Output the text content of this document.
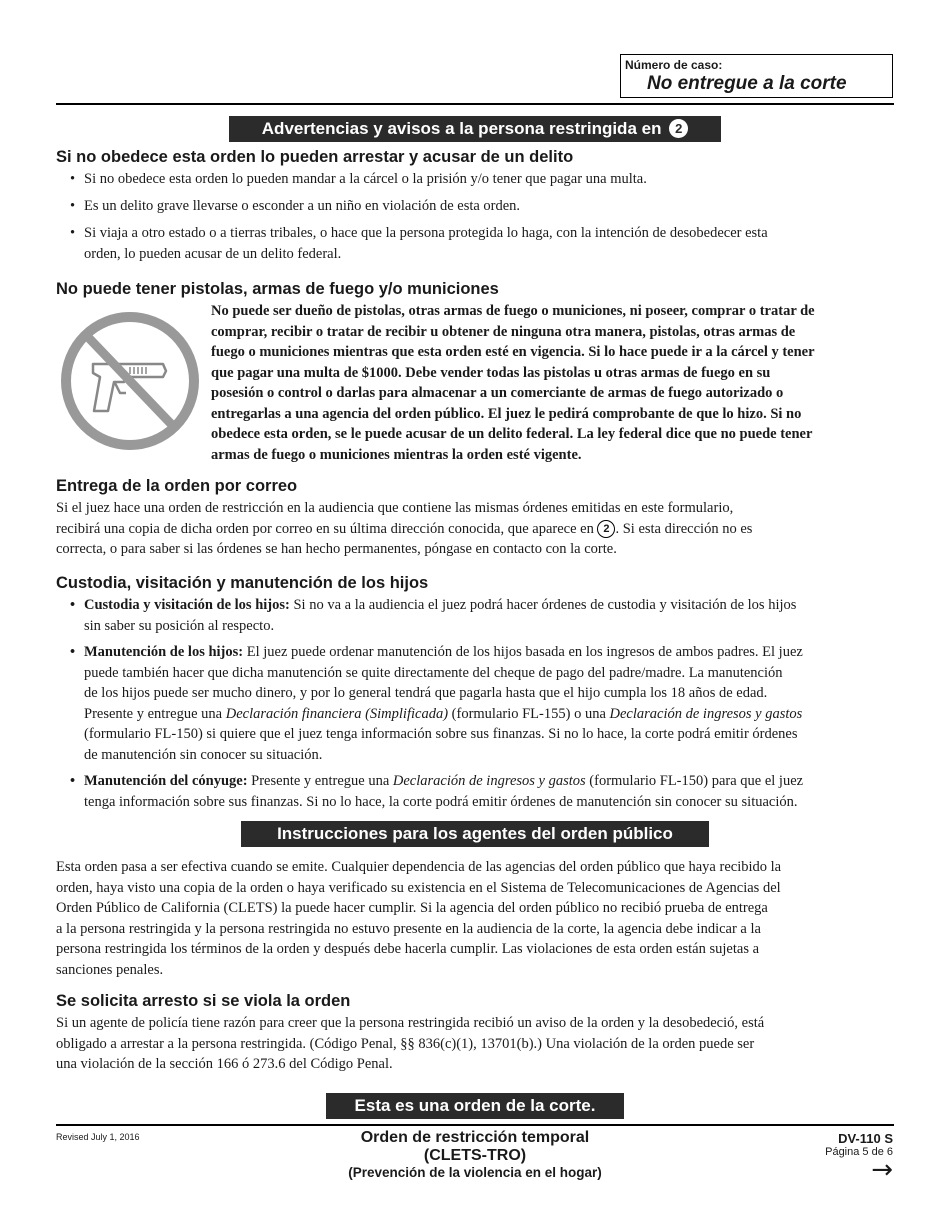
Número de caso:
No entregue a la corte
Advertencias y avisos a la persona restringida en 2
Si no obedece esta orden lo pueden arrestar y acusar de un delito
• Si no obedece esta orden lo pueden mandar a la cárcel o la prisión y/o tener que pagar una multa.
• Es un delito grave llevarse o esconder a un niño en violación de esta orden.
• Si viaja a otro estado o a tierras tribales, o hace que la persona protegida lo haga, con la intención de desobedecer esta
orden, lo pueden acusar de un delito federal.
No puede tener pistolas, armas de fuego y/o municiones
No puede ser dueño de pistolas, otras armas de fuego o municiones, ni poseer, comprar o tratar de
comprar, recibir o tratar de recibir u obtener de ninguna otra manera, pistolas, otras armas de
fuego o municiones mientras que esta orden esté en vigencia. Si lo hace puede ir a la cárcel y tener
que pagar una multa de $1000. Debe vender todas las pistolas u otras armas de fuego en su
posesión o control o darlas para almacenar a un comerciante de armas de fuego autorizado o
entregarlas a una agencia del orden público. El juez le pedirá comprobante de que lo hizo. Si no
obedece esta orden, se le puede acusar de un delito federal. La ley federal dice que no puede tener
armas de fuego o municiones mientras la orden esté vigente.
Entrega de la orden por correo
Si el juez hace una orden de restricción en la audiencia que contiene las mismas órdenes emitidas en este formulario,
recibirá una copia de dicha orden por correo en su última dirección conocida, que aparece en 2 . Si esta dirección no es
correcta, o para saber si las órdenes se han hecho permanentes, póngase en contacto con la corte.
Custodia, visitación y manutención de los hijos
• Custodia y visitación de los hijos: Si no va a la audiencia el juez podrá hacer órdenes de custodia y visitación de los hijos
sin saber su posición al respecto.
• Manutención de los hijos: El juez puede ordenar manutención de los hijos basada en los ingresos de ambos padres. El juez
puede también hacer que dicha manutención se quite directamente del cheque de pago del padre/madre. La manutención
de los hijos puede ser mucho dinero, y por lo general tendrá que pagarla hasta que el hijo cumpla los 18 años de edad.
Presente y entregue una Declaración financiera (Simplificada) (formulario FL-155) o una Declaración de ingresos y gastos
(formulario FL-150) si quiere que el juez tenga información sobre sus finanzas. Si no lo hace, la corte podrá emitir órdenes
de manutención sin conocer su situación.
• Manutención del cónyuge: Presente y entregue una Declaración de ingresos y gastos (formulario FL-150) para que el juez
tenga información sobre sus finanzas. Si no lo hace, la corte podrá emitir órdenes de manutención sin conocer su situación.
Instrucciones para los agentes del orden público
Esta orden pasa a ser efectiva cuando se emite. Cualquier dependencia de las agencias del orden público que haya recibido la
orden, haya visto una copia de la orden o haya verificado su existencia en el Sistema de Telecomunicaciones de Agencias del
Orden Público de California (CLETS) la puede hacer cumplir. Si la agencia del orden público no recibió prueba de entrega
a la persona restringida y la persona restringida no estuvo presente en la audiencia de la corte, la agencia debe indicar a la
persona restringida los términos de la orden y después debe hacerla cumplir. Las violaciones de esta orden están sujetas a
sanciones penales.
Se solicita arresto si se viola la orden
Si un agente de policía tiene razón para creer que la persona restringida recibió un aviso de la orden y la desobedeció, está
obligado a arrestar a la persona restringida. (Código Penal, §§ 836(c)(1), 13701(b).) Una violación de la orden puede ser
una violación de la sección 166 ó 273.6 del Código Penal.
Esta es una orden de la corte.
Revised July 1, 2016	Orden de restricción temporal
(CLETS-TRO)
(Prevención de la violencia en el hogar)
DV-110 S
Página 5 de 6
→
